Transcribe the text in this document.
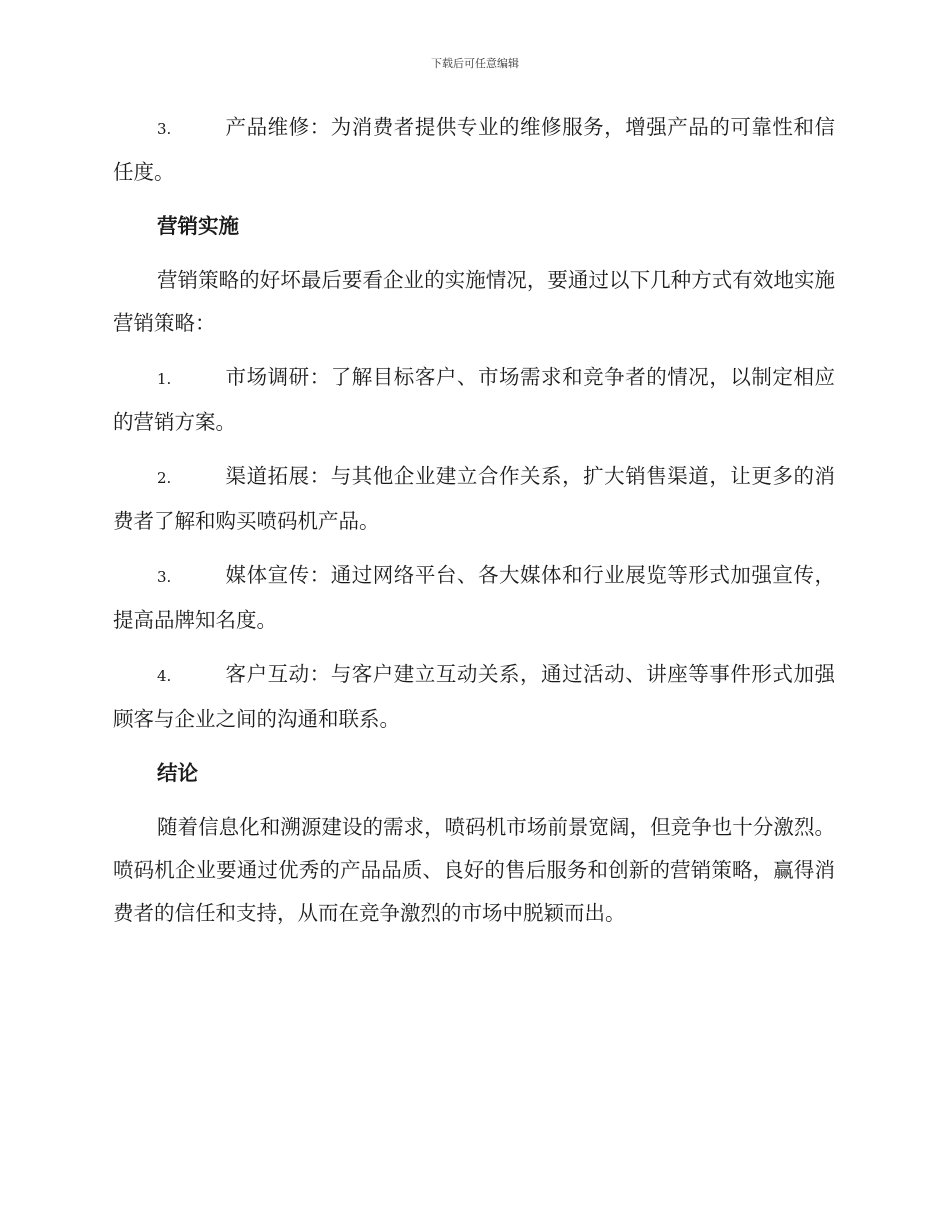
下载后可任意编辑

3.	产品维修：为消费者提供专业的维修服务，增强产品的可靠性和信任度。

营销实施

营销策略的好坏最后要看企业的实施情况，要通过以下几种方式有效地实施营销策略：

1.	市场调研：了解目标客户、市场需求和竞争者的情况，以制定相应的营销方案。

2.	渠道拓展：与其他企业建立合作关系，扩大销售渠道，让更多的消费者了解和购买喷码机产品。

3.	媒体宣传：通过网络平台、各大媒体和行业展览等形式加强宣传，提高品牌知名度。

4.	客户互动：与客户建立互动关系，通过活动、讲座等事件形式加强顾客与企业之间的沟通和联系。

结论

随着信息化和溯源建设的需求，喷码机市场前景宽阔，但竞争也十分激烈。喷码机企业要通过优秀的产品品质、良好的售后服务和创新的营销策略，赢得消费者的信任和支持，从而在竞争激烈的市场中脱颖而出。
